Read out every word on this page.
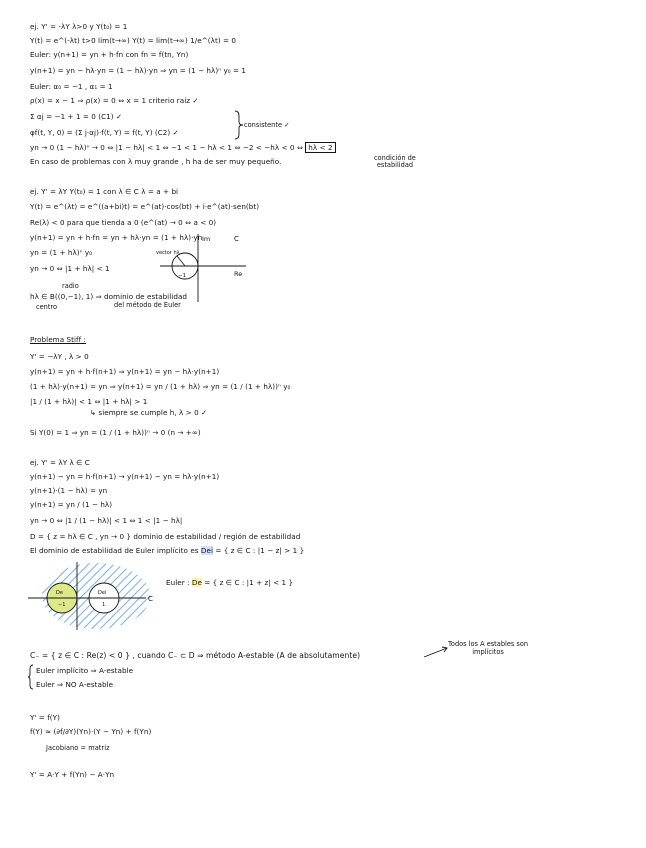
ej. Y' = -λY λ>0 y Y(t₀) = 1
Y(t) = e^(-λt) t>0 lim(t→∞) Y(t) = lim(t→∞) 1/e^(λt) = 0
Euler: y(n+1) = yn + h·fn con fn = f(tn, Yn)
y(n+1) = yn − hλ·yn = (1 − hλ)·yn ⇒ yn = (1 − hλ)ⁿ y₀ = 1
Euler: α₀ = −1 , α₁ = 1
ρ(x) = x − 1 ⇒ ρ(x) = 0 ⇔ x = 1 criterio raíz ✓
Σ αj = −1 + 1 = 0 (C1) ✓
φf(t, Y, 0) = (Σ j·αj)·f(t, Y) = f(t, Y) (C2) ✓
consistente ✓
yn → 0 (1 − hλ)ⁿ → 0 ⇔ |1 − hλ| < 1 ⇔ −1 < 1 − hλ < 1 ⇔ −2 < −hλ < 0 ⇔ hλ < 2
condición de
estabilidad
En caso de problemas con λ muy grande , h ha de ser muy pequeño.
ej. Y' = λY Y(t₀) = 1 con λ ∈ C λ = a + bi
Y(t) = e^(λt) = e^((a+bi)t) = e^(at)·cos(bt) + i·e^(at)·sen(bt)
Re(λ) < 0 para que tienda a 0 (e^(at) → 0 ⇔ a < 0)
y(n+1) = yn + h·fn = yn + hλ·yn = (1 + hλ)·yn
yn = (1 + hλ)ⁿ y₀
yn → 0 ⇔ |1 + hλ| < 1
hλ ∈ B((0,−1), 1) ⇒ dominio de estabilidad
radio
centro	del método de Euler
Im	C
Re
vector hλ
−1
Problema Stiff :
Y' = −λY , λ > 0
y(n+1) = yn + h·f(n+1) ⇒ y(n+1) = yn − hλ·y(n+1)
(1 + hλ)·y(n+1) = yn ⇒ y(n+1) = yn / (1 + hλ) ⇒ yn = (1 / (1 + hλ))ⁿ y₀
|1 / (1 + hλ)| < 1 ⇔ |1 + hλ| > 1
↳ siempre se cumple h, λ > 0 ✓
Si Y(0) = 1 ⇒ yn = (1 / (1 + hλ))ⁿ → 0 (n → +∞)
ej. Y' = λY λ ∈ C
y(n+1) − yn = h·f(n+1) → y(n+1) − yn = hλ·y(n+1)
y(n+1)·(1 − hλ) = yn
y(n+1) = yn / (1 − hλ)
yn → 0 ⇔ |1 / (1 − hλ)| < 1 ⇔ 1 < |1 − hλ|
D = { z = hλ ∈ C , yn → 0 } dominio de estabilidad / región de estabilidad
El dominio de estabilidad de Euler implícito es Dei = { z ∈ C : |1 − z| > 1 }
Euler : De = { z ∈ C : |1 + z| < 1 }
C
De
−1
Dei
1
C₋ = { z ∈ C : Re(z) < 0 } , cuando C₋ ⊂ D ⇒ método A-estable (A de absolutamente)
Todos los A estables son
implícitos
Euler implícito ⇒ A-estable
Euler ⇒ NO A-estable
Y' = f(Y)
f(Y) ≈ (∂f/∂Y)(Yn)·(Y − Yn) + f(Yn)
Jacobiano = matriz
Y' = A·Y + f(Yn) − A·Yn
